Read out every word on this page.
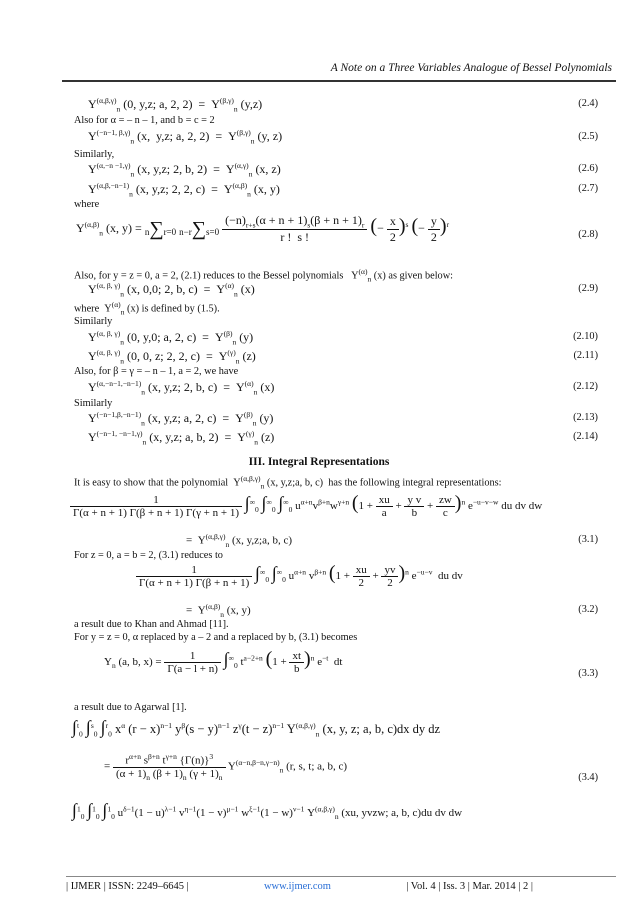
A Note on a Three Variables Analogue of Bessel Polynomials
$Y^{(\alpha,\beta,\gamma)}_n$ (0, y,z; a, 2, $2) = Y^{(\beta,\gamma)}_n$ (y,z)	(2.4)
Also for α = – n – 1, and b = c = 2
$Y^{(-n-1, \beta,\gamma)}_n$ (x,  y,z; a, 2, $2) = Y^{(\beta,\gamma)}_n$ (y, z)	(2.5)
Similarly,
$Y^{(\alpha,-n -1,\gamma)}_n$ (x, y,z; 2, b, $2) = Y^{(\alpha,\gamma)}_n$ (x, z)	(2.6)
$Y^{(\alpha,\beta,-n-1)}_n$ (x, y,z; 2, 2, $c) = Y^{(\alpha,\beta)}_n$ (x, y)	(2.7)
where
$Y^{(\alpha,\beta)}_n$ (x, y) = n∑r=0 $n-r\sum s=0 \frac{(-n)_{r+s}(\alpha + n + 1)_s(\beta + n + 1)_r}{r ! s !}$ (− $\frac{x}{2} )^s$ (− $\frac{y}{2} )^r$
(2.8)
Also, for y = z = 0, a = 2, (2.1) reduces to the Bessel polynomials   $Y^{(\alpha)}_n$ (x) as given below:
$Y^{(\alpha, \beta, \gamma)}_n$ (x, 0,0; 2, b, $c) = Y^{(\alpha)}_n$ (x)	(2.9)
where  $Y^{(\alpha)}_n$ (x) is defined by (1.5).
Similarly
$Y^{(\alpha, \beta, \gamma)}_n$ (0, y,0; a, 2, $c) = Y^{(\beta)}_n$ (y)	(2.10)
$Y^{(\alpha, \beta, \gamma)}_n$ (0, 0, z; 2, 2, $c) = Y^{(\gamma)}_n$ (z)	(2.11)
Also, for β = γ = – n – 1, a = 2, we have
$Y^{(\alpha,-n-1,-n-1)}_n$ (x, y,z; 2, b, $c) = Y^{(\alpha)}_n$ (x)	(2.12)
Similarly
$Y^{(-n-1,\beta,-n-1)}_n$ (x, y,z; a, 2, $c) = Y^{(\beta)}_n$ (y)	(2.13)
$Y^{(-n-1, -n-1,\gamma)}_n$ (x, y,z; a, b, $2) = Y^{(\gamma)}_n$ (z)	(2.14)
III. Integral Representations
It is easy to show that the polynomial  $Y^{(\alpha,\beta,\gamma)}_n$ (x, y,z;a, b, c)  has the following integral representations:
$\frac{1}{\Gamma(\alpha + n + 1) \Gamma(\beta + n + 1) \Gamma(\gamma + n + 1)} \int^\infty_0$ $\int^\infty_0$ $\int^\infty_0$ $u^{\alpha+n}v^{\beta+n}w^{\gamma+n}$ $(1 + \frac{xu}{a} + \frac{\text{y v}}{b} + \frac{zw}{c} )^n$ $e^{-u-v-w}$ du dv dw
=  $Y^{(\alpha,\beta,\gamma)}_n$ (x, y,z;a, b, c)	(3.1)
For z = 0, a = b = 2, (3.1) reduces to
$\frac{1}{\Gamma(\alpha + n + 1) \Gamma(\beta + n + 1)} \int^\infty_0$ $\int^\infty_0$ $u^{\alpha+n}$ $v^{\beta+n}$ $(1 + \frac{xu}{2} + \frac{yv}{2} )^n$ $e^{-u-v}$  du dv
=  $Y^{(\alpha,\beta)}_n$ (x, y)	(3.2)
a result due to Khan and Ahmad [11].
For y = z = 0, α replaced by a – 2 and a replaced by b, (3.1) becomes
$Y_n$ (a, b, $x) = \frac{1}{\Gamma(a - l + n)} \int^\infty_0$ $t^{a-2+n}$ $(1 + \frac{xt}{b} )^n$ $e^{-t}$  dt
(3.3)
a result due to Agarwal [1].
∫$^t_0$ ∫$^s_0$ ∫$^r_0$ $x^\alpha$ $(r - x)^{n-1}$ $y^\beta(s - y)^{n-1}$ $z^\gamma(t - z)^{n-1}$ $Y^{(\alpha,\beta,\gamma)}_n$ (x, y, z; a, b, c)dx dy dz
= $\frac{r^{\alpha+n} s^{\beta+n} t^{\gamma+n} \{\Gamma(n)\}^3}{(\alpha + 1)_n (\beta + 1)_n (\gamma + 1)_n} Y^{(\alpha-n,\beta-n,\gamma-n)}_n$ (r, s, t; a, b, c)
(3.4)
∫$^1_0$ ∫$^1_0$ ∫$^1_0$ $u^{\delta-1}(1 - u)^{\lambda-1}$ $v^{\eta-1}(1 - v)^{\mu-1}$ $w^{\xi-1}(1 - w)^{\nu-1}$ $Y^{(\alpha,\beta,\gamma)}_n$ (xu, yvzw; a, b, c)du dv dw
| IJMER | ISSN: 2249–6645 |	www.ijmer.com	| Vol. 4 | Iss. 3 | Mar. 2014 | 2 |
